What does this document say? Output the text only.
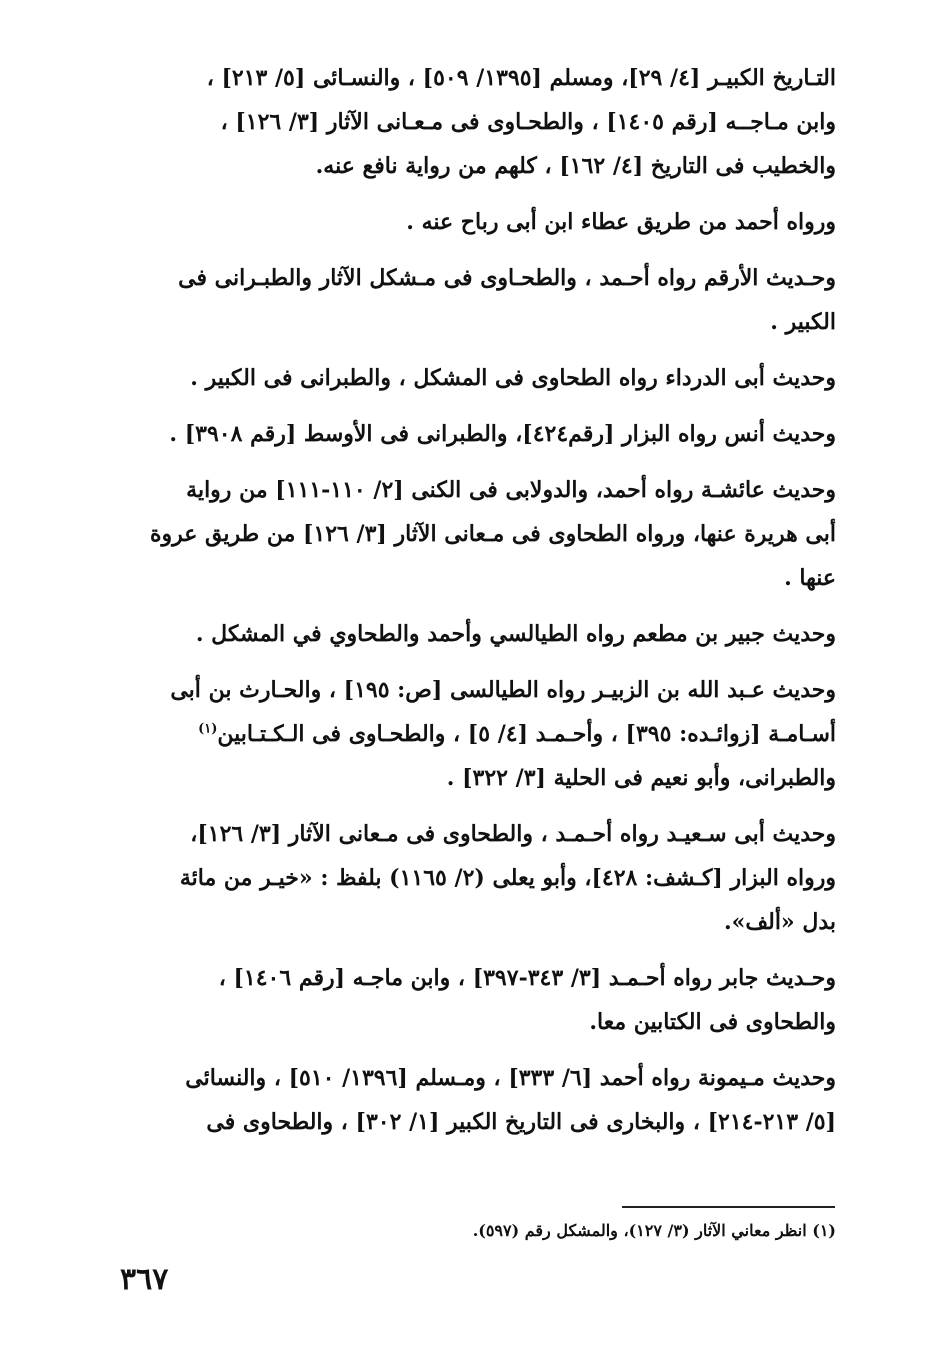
التـاريخ الكبيـر [٤/ ٢٩]، ومسلم [١٣٩٥/ ٥٠٩] ، والنسـائى [٥/ ٢١٣] ،
وابن مـاجــه [رقم ١٤٠٥] ، والطحـاوى فى مـعـانى الآثار [٣/ ١٢٦] ،
والخطيب فى التاريخ [٤/ ١٦٢] ، كلهم من رواية نافع عنه.

ورواه أحمد من طريق عطاء ابن أبى رباح عنه .

وحـديث الأرقم رواه أحـمد ، والطحـاوى فى مـشكل الآثار والطبـرانى فى
الكبير .

وحديث أبى الدرداء رواه الطحاوى فى المشكل ، والطبرانى فى الكبير .

وحديث أنس رواه البزار [رقم٤٢٤]، والطبرانى فى الأوسط [رقم ٣٩٠٨] .

وحديث عائشـة رواه أحمد، والدولابى فى الكنى [٢/ ١١٠-١١١] من رواية
أبى هريرة عنها، ورواه الطحاوى فى مـعانى الآثار [٣/ ١٢٦] من طريق عروة
عنها .

وحديث جبير بن مطعم رواه الطيالسي وأحمد والطحاوي في المشكل .

وحديث عـبد الله بن الزبيـر رواه الطيالسى [ص: ١٩٥] ، والحـارث بن أبى
أسـامـة [زوائـده: ٣٩٥] ، وأحـمـد [٤/ ٥] ، والطحـاوى فى الـكـتـابين$^{(١)}$
والطبرانى، وأبو نعيم فى الحلية [٣/ ٣٢٢] .

وحديث أبى سـعيـد رواه أحـمـد ، والطحاوى فى مـعانى الآثار [٣/ ١٢٦]،
ورواه البزار [كـشف: ٤٢٨]، وأبو يعلى (٢/ ١١٦٥) بلفظ : «خيـر من مائة
بدل «ألف».

وحـديث جابر رواه أحـمـد [٣/ ٣٤٣-٣٩٧] ، وابن ماجـه [رقم ١٤٠٦] ،
والطحاوى فى الكتابين معا.

وحديث مـيمونة رواه أحمد [٦/ ٣٣٣] ، ومـسلم [١٣٩٦/ ٥١٠] ، والنسائى
[٥/ ٢١٣-٢١٤] ، والبخارى فى التاريخ الكبير [١/ ٣٠٢] ، والطحاوى فى

(١) انظر معاني الآثار (٣/ ١٢٧)، والمشكل رقم (٥٩٧).
٣٦٧
